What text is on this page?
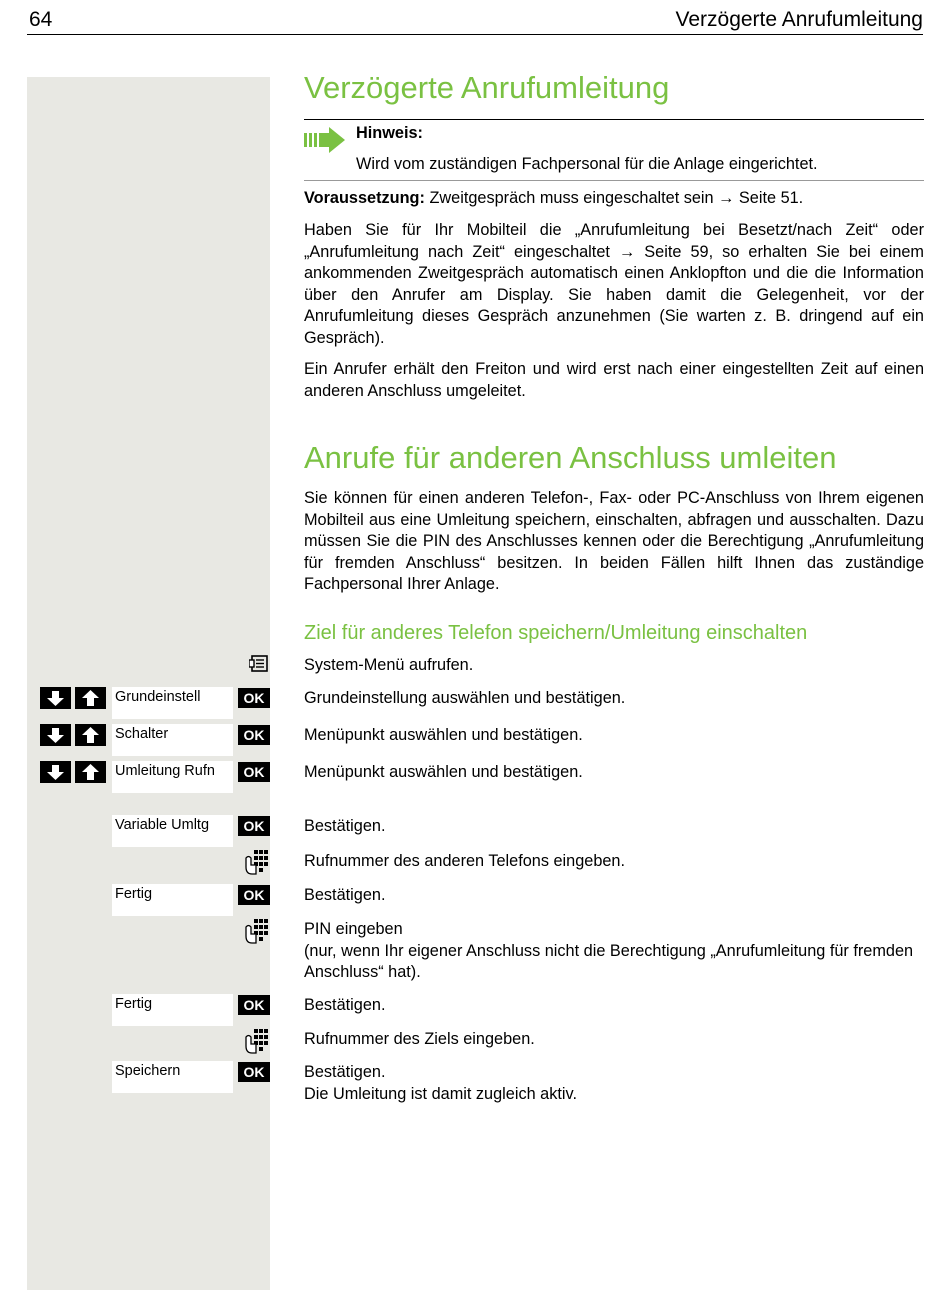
64	Verzögerte Anrufumleitung
Verzögerte Anrufumleitung
Hinweis:
Wird vom zuständigen Fachpersonal für die Anlage eingerichtet.

Voraussetzung: Zweitgespräch muss eingeschaltet sein → Seite 51.

Haben Sie für Ihr Mobilteil die „Anrufumleitung bei Besetzt/nach Zeit“ oder „Anrufumleitung nach Zeit“ eingeschaltet → Seite 59, so erhalten Sie bei einem ankommenden Zweitgespräch automatisch einen Anklopfton und die die Information über den Anrufer am Display. Sie haben damit die Gelegenheit, vor der Anrufumleitung dieses Gespräch anzunehmen (Sie warten z. B. dringend auf ein Gespräch).

Ein Anrufer erhält den Freiton und wird erst nach einer eingestellten Zeit auf einen anderen Anschluss umgeleitet.

Anrufe für anderen Anschluss umleiten

Sie können für einen anderen Telefon-, Fax- oder PC-Anschluss von Ihrem eigenen Mobilteil aus eine Umleitung speichern, einschalten, abfragen und ausschalten. Dazu müssen Sie die PIN des Anschlusses kennen oder die Berechtigung „Anrufumleitung für fremden Anschluss“ besitzen. In beiden Fällen hilft Ihnen das zuständige Fachpersonal Ihrer Anlage.

Ziel für anderes Telefon speichern/Umleitung einschalten
System-Menü aufrufen.
Grundeinstell	OK	Grundeinstellung auswählen und bestätigen.
Schalter	OK	Menüpunkt auswählen und bestätigen.
Umleitung Rufn	OK	Menüpunkt auswählen und bestätigen.
Variable Umltg	OK	Bestätigen.
Rufnummer des anderen Telefons eingeben.
Fertig	OK	Bestätigen.
PIN eingeben
(nur, wenn Ihr eigener Anschluss nicht die Berechtigung „Anrufumleitung für fremden Anschluss“ hat).
Fertig	OK	Bestätigen.
Rufnummer des Ziels eingeben.
Speichern	OK	Bestätigen.
Die Umleitung ist damit zugleich aktiv.
